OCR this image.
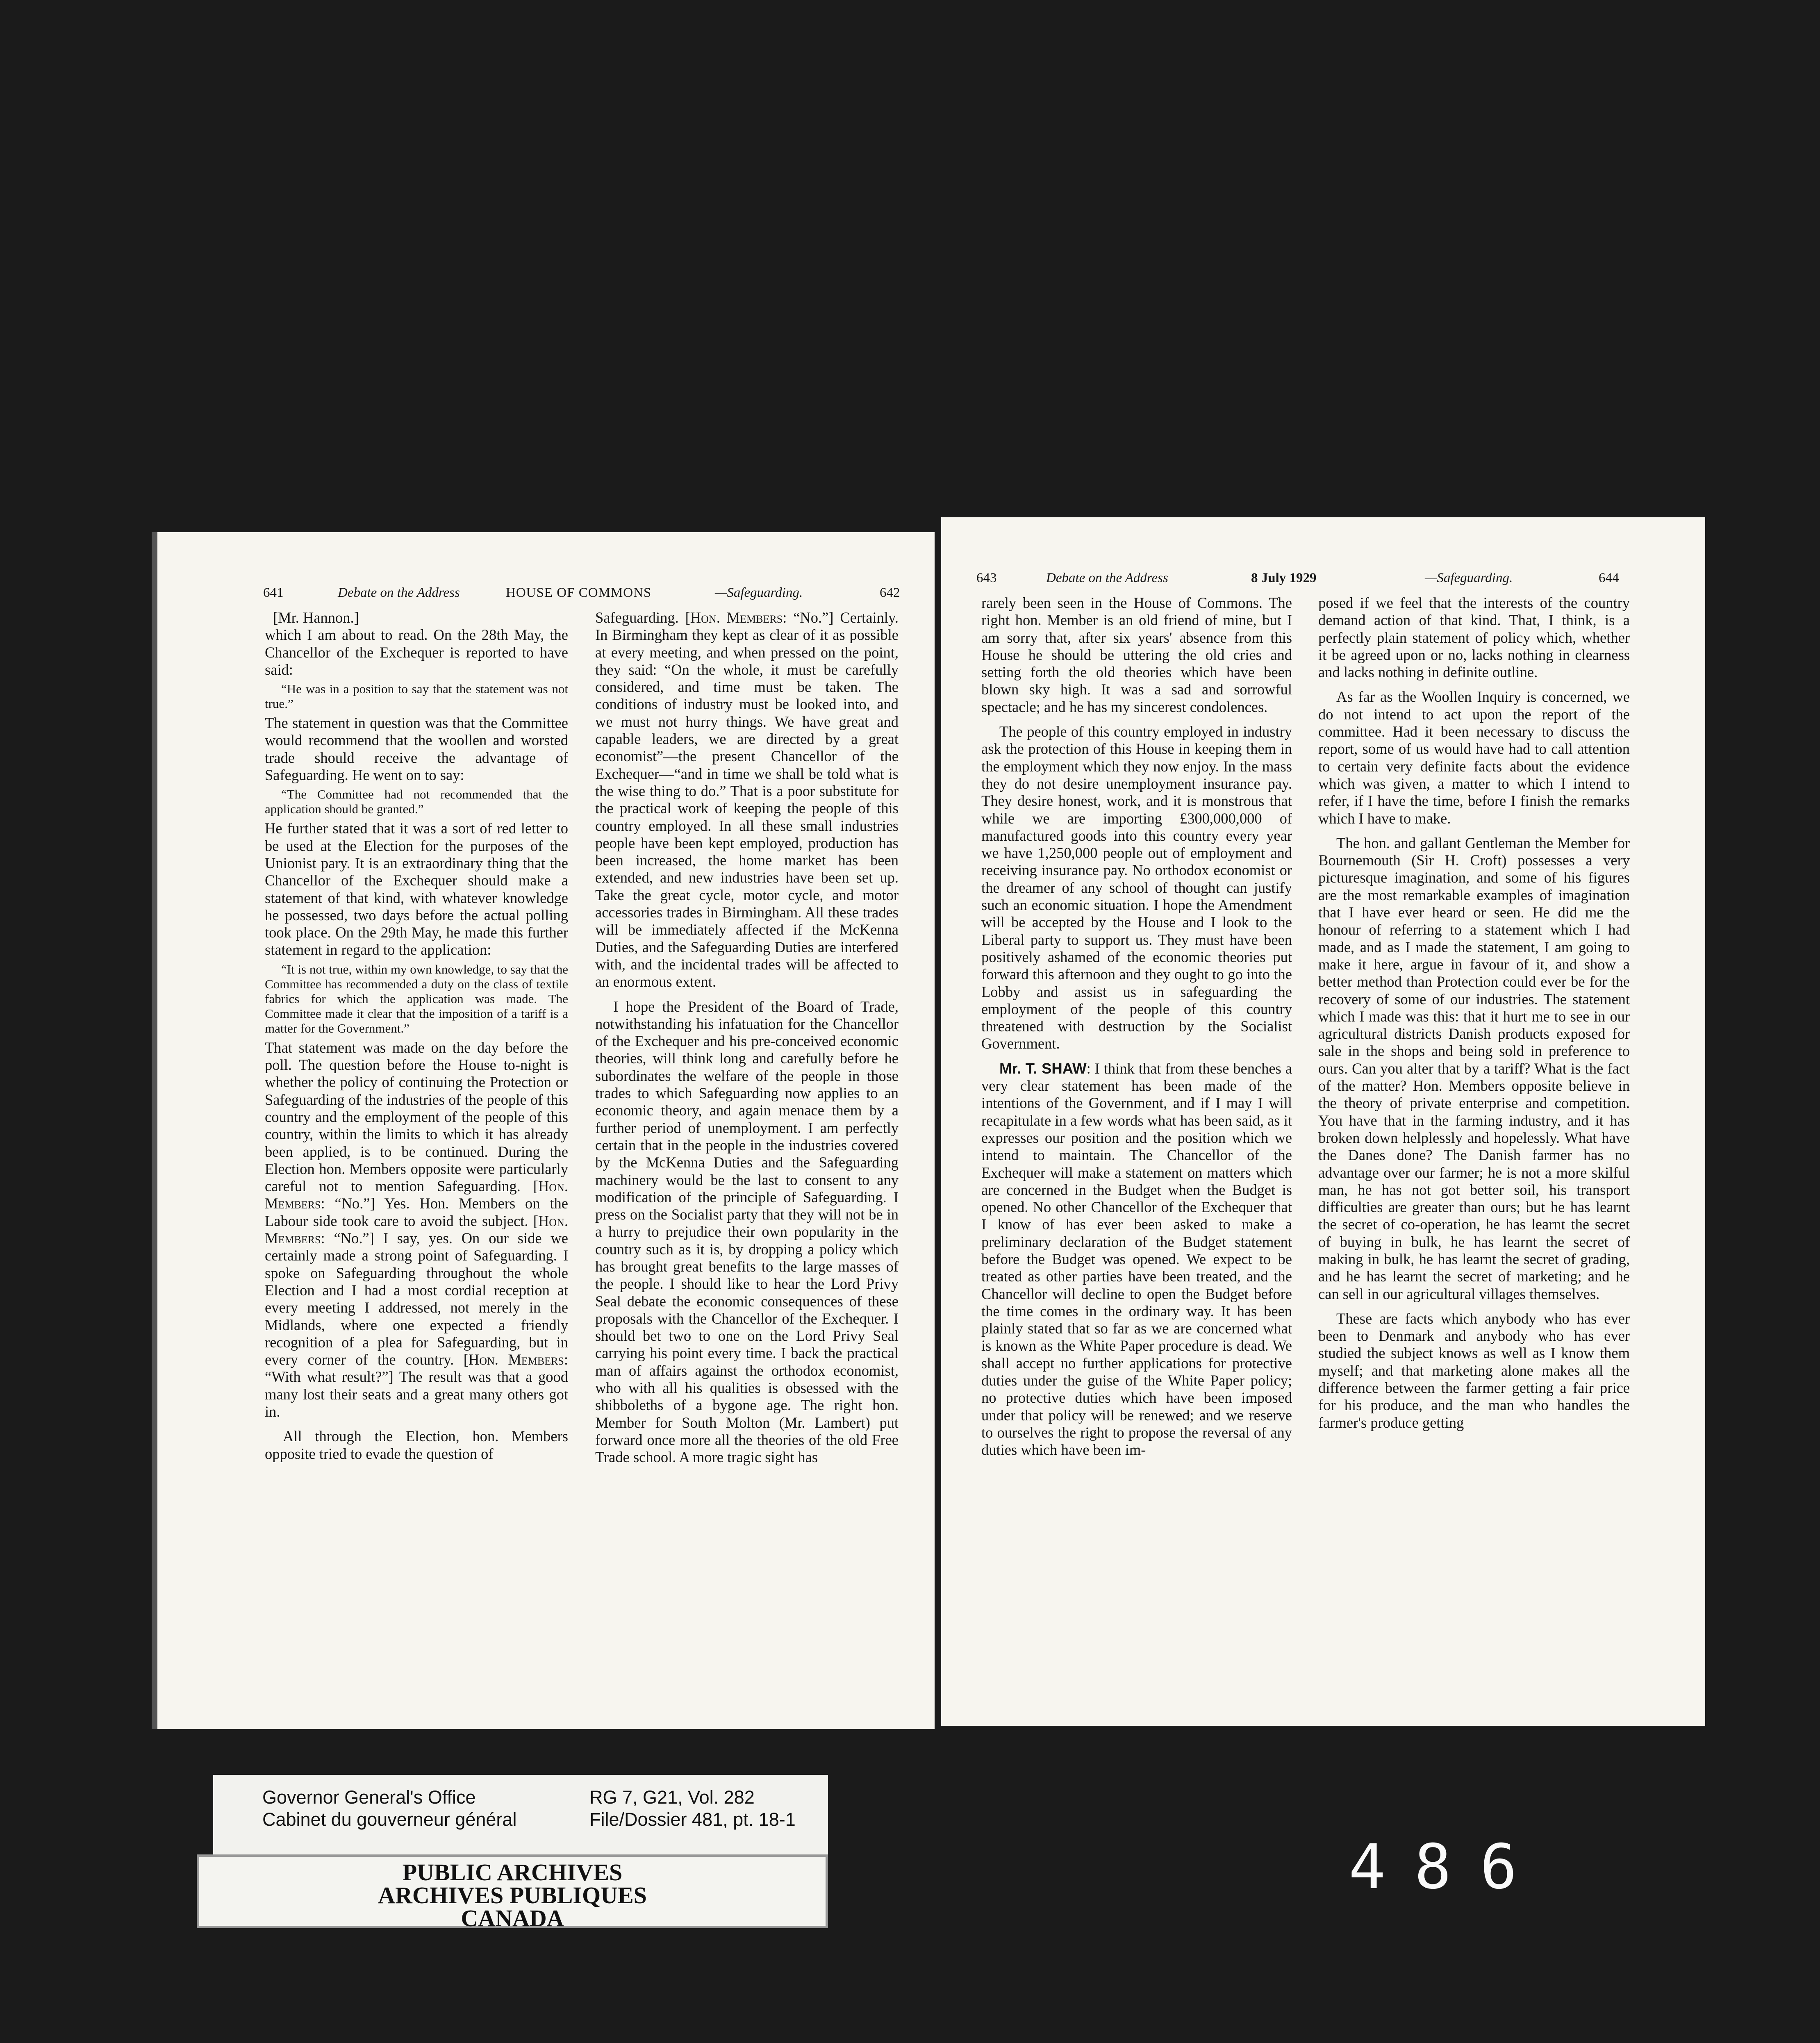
641	Debate on the Address	HOUSE OF COMMONS	—Safeguarding.	642

[Mr. Hannon.]

which I am about to read. On the 28th May, the Chancellor of the Exchequer is reported to have said:

“He was in a position to say that the statement was not true.”

The statement in question was that the Committee would recommend that the woollen and worsted trade should receive the advantage of Safeguarding. He went on to say:

“The Committee had not recommended that the application should be granted.”

He further stated that it was a sort of red letter to be used at the Election for the purposes of the Unionist pary. It is an extraordinary thing that the Chancellor of the Exchequer should make a statement of that kind, with whatever knowledge he possessed, two days before the actual polling took place. On the 29th May, he made this further statement in regard to the application:

“It is not true, within my own knowledge, to say that the Committee has recommended a duty on the class of textile fabrics for which the application was made. The Committee made it clear that the imposition of a tariff is a matter for the Government.”

That statement was made on the day before the poll. The question before the House to-night is whether the policy of continuing the Protection or Safeguarding of the industries of the people of this country and the employment of the people of this country, within the limits to which it has already been applied, is to be continued. During the Election hon. Members opposite were particularly careful not to mention Safeguarding. [Hon. Members: “No.”] Yes. Hon. Members on the Labour side took care to avoid the subject. [Hon. Members: “No.”] I say, yes. On our side we certainly made a strong point of Safeguarding. I spoke on Safeguarding throughout the whole Election and I had a most cordial reception at every meeting I addressed, not merely in the Midlands, where one expected a friendly recognition of a plea for Safeguarding, but in every corner of the country. [Hon. Members: “With what result?”] The result was that a good many lost their seats and a great many others got in.

All through the Election, hon. Members opposite tried to evade the question of

Safeguarding. [Hon. Members: “No.”] Certainly. In Birmingham they kept as clear of it as possible at every meeting, and when pressed on the point, they said: “On the whole, it must be carefully considered, and time must be taken. The conditions of industry must be looked into, and we must not hurry things. We have great and capable leaders, we are directed by a great economist”—the present Chancellor of the Exchequer—“and in time we shall be told what is the wise thing to do.” That is a poor substitute for the practical work of keeping the people of this country employed. In all these small industries people have been kept employed, production has been increased, the home market has been extended, and new industries have been set up. Take the great cycle, motor cycle, and motor accessories trades in Birmingham. All these trades will be immediately affected if the McKenna Duties, and the Safeguarding Duties are interfered with, and the incidental trades will be affected to an enormous extent.

I hope the President of the Board of Trade, notwithstanding his infatuation for the Chancellor of the Exchequer and his pre-conceived economic theories, will think long and carefully before he subordinates the welfare of the people in those trades to which Safeguarding now applies to an economic theory, and again menace them by a further period of unemployment. I am perfectly certain that in the people in the industries covered by the McKenna Duties and the Safeguarding machinery would be the last to consent to any modification of the principle of Safeguarding. I press on the Socialist party that they will not be in a hurry to prejudice their own popularity in the country such as it is, by dropping a policy which has brought great benefits to the large masses of the people. I should like to hear the Lord Privy Seal debate the economic consequences of these proposals with the Chancellor of the Exchequer. I should bet two to one on the Lord Privy Seal carrying his point every time. I back the practical man of affairs against the orthodox economist, who with all his qualities is obsessed with the shibboleths of a bygone age. The right hon. Member for South Molton (Mr. Lambert) put forward once more all the theories of the old Free Trade school. A more tragic sight has

643	Debate on the Address	8 July 1929	—Safeguarding.	644

rarely been seen in the House of Commons. The right hon. Member is an old friend of mine, but I am sorry that, after six years' absence from this House he should be uttering the old cries and setting forth the old theories which have been blown sky high. It was a sad and sorrowful spectacle; and he has my sincerest condolences.

The people of this country employed in industry ask the protection of this House in keeping them in the employment which they now enjoy. In the mass they do not desire unemployment insurance pay. They desire honest, work, and it is monstrous that while we are importing £300,000,000 of manufactured goods into this country every year we have 1,250,000 people out of employment and receiving insurance pay. No orthodox economist or the dreamer of any school of thought can justify such an economic situation. I hope the Amendment will be accepted by the House and I look to the Liberal party to support us. They must have been positively ashamed of the economic theories put forward this afternoon and they ought to go into the Lobby and assist us in safeguarding the employment of the people of this country threatened with destruction by the Socialist Government.

Mr. T. SHAW: I think that from these benches a very clear statement has been made of the intentions of the Government, and if I may I will recapitulate in a few words what has been said, as it expresses our position and the position which we intend to maintain. The Chancellor of the Exchequer will make a statement on matters which are concerned in the Budget when the Budget is opened. No other Chancellor of the Exchequer that I know of has ever been asked to make a preliminary declaration of the Budget statement before the Budget was opened. We expect to be treated as other parties have been treated, and the Chancellor will decline to open the Budget before the time comes in the ordinary way. It has been plainly stated that so far as we are concerned what is known as the White Paper procedure is dead. We shall accept no further applications for protective duties under the guise of the White Paper policy; no protective duties which have been imposed under that policy will be renewed; and we reserve to ourselves the right to propose the reversal of any duties which have been im-

posed if we feel that the interests of the country demand action of that kind. That, I think, is a perfectly plain statement of policy which, whether it be agreed upon or no, lacks nothing in clearness and lacks nothing in definite outline.

As far as the Woollen Inquiry is concerned, we do not intend to act upon the report of the committee. Had it been necessary to discuss the report, some of us would have had to call attention to certain very definite facts about the evidence which was given, a matter to which I intend to refer, if I have the time, before I finish the remarks which I have to make.

The hon. and gallant Gentleman the Member for Bournemouth (Sir H. Croft) possesses a very picturesque imagination, and some of his figures are the most remarkable examples of imagination that I have ever heard or seen. He did me the honour of referring to a statement which I had made, and as I made the statement, I am going to make it here, argue in favour of it, and show a better method than Protection could ever be for the recovery of some of our industries. The statement which I made was this: that it hurt me to see in our agricultural districts Danish products exposed for sale in the shops and being sold in preference to ours. Can you alter that by a tariff? What is the fact of the matter? Hon. Members opposite believe in the theory of private enterprise and competition. You have that in the farming industry, and it has broken down helplessly and hopelessly. What have the Danes done? The Danish farmer has no advantage over our farmer; he is not a more skilful man, he has not got better soil, his transport difficulties are greater than ours; but he has learnt the secret of co-operation, he has learnt the secret of buying in bulk, he has learnt the secret of making in bulk, he has learnt the secret of grading, and he has learnt the secret of marketing; and he can sell in our agricultural villages themselves.

These are facts which anybody who has ever been to Denmark and anybody who has ever studied the subject knows as well as I know them myself; and that marketing alone makes all the difference between the farmer getting a fair price for his produce, and the man who handles the farmer's produce getting

Governor General's Office
Cabinet du gouverneur général
RG 7, G21, Vol. 282
File/Dossier 481, pt. 18-1
PUBLIC ARCHIVES
ARCHIVES PUBLIQUES
CANADA
486
